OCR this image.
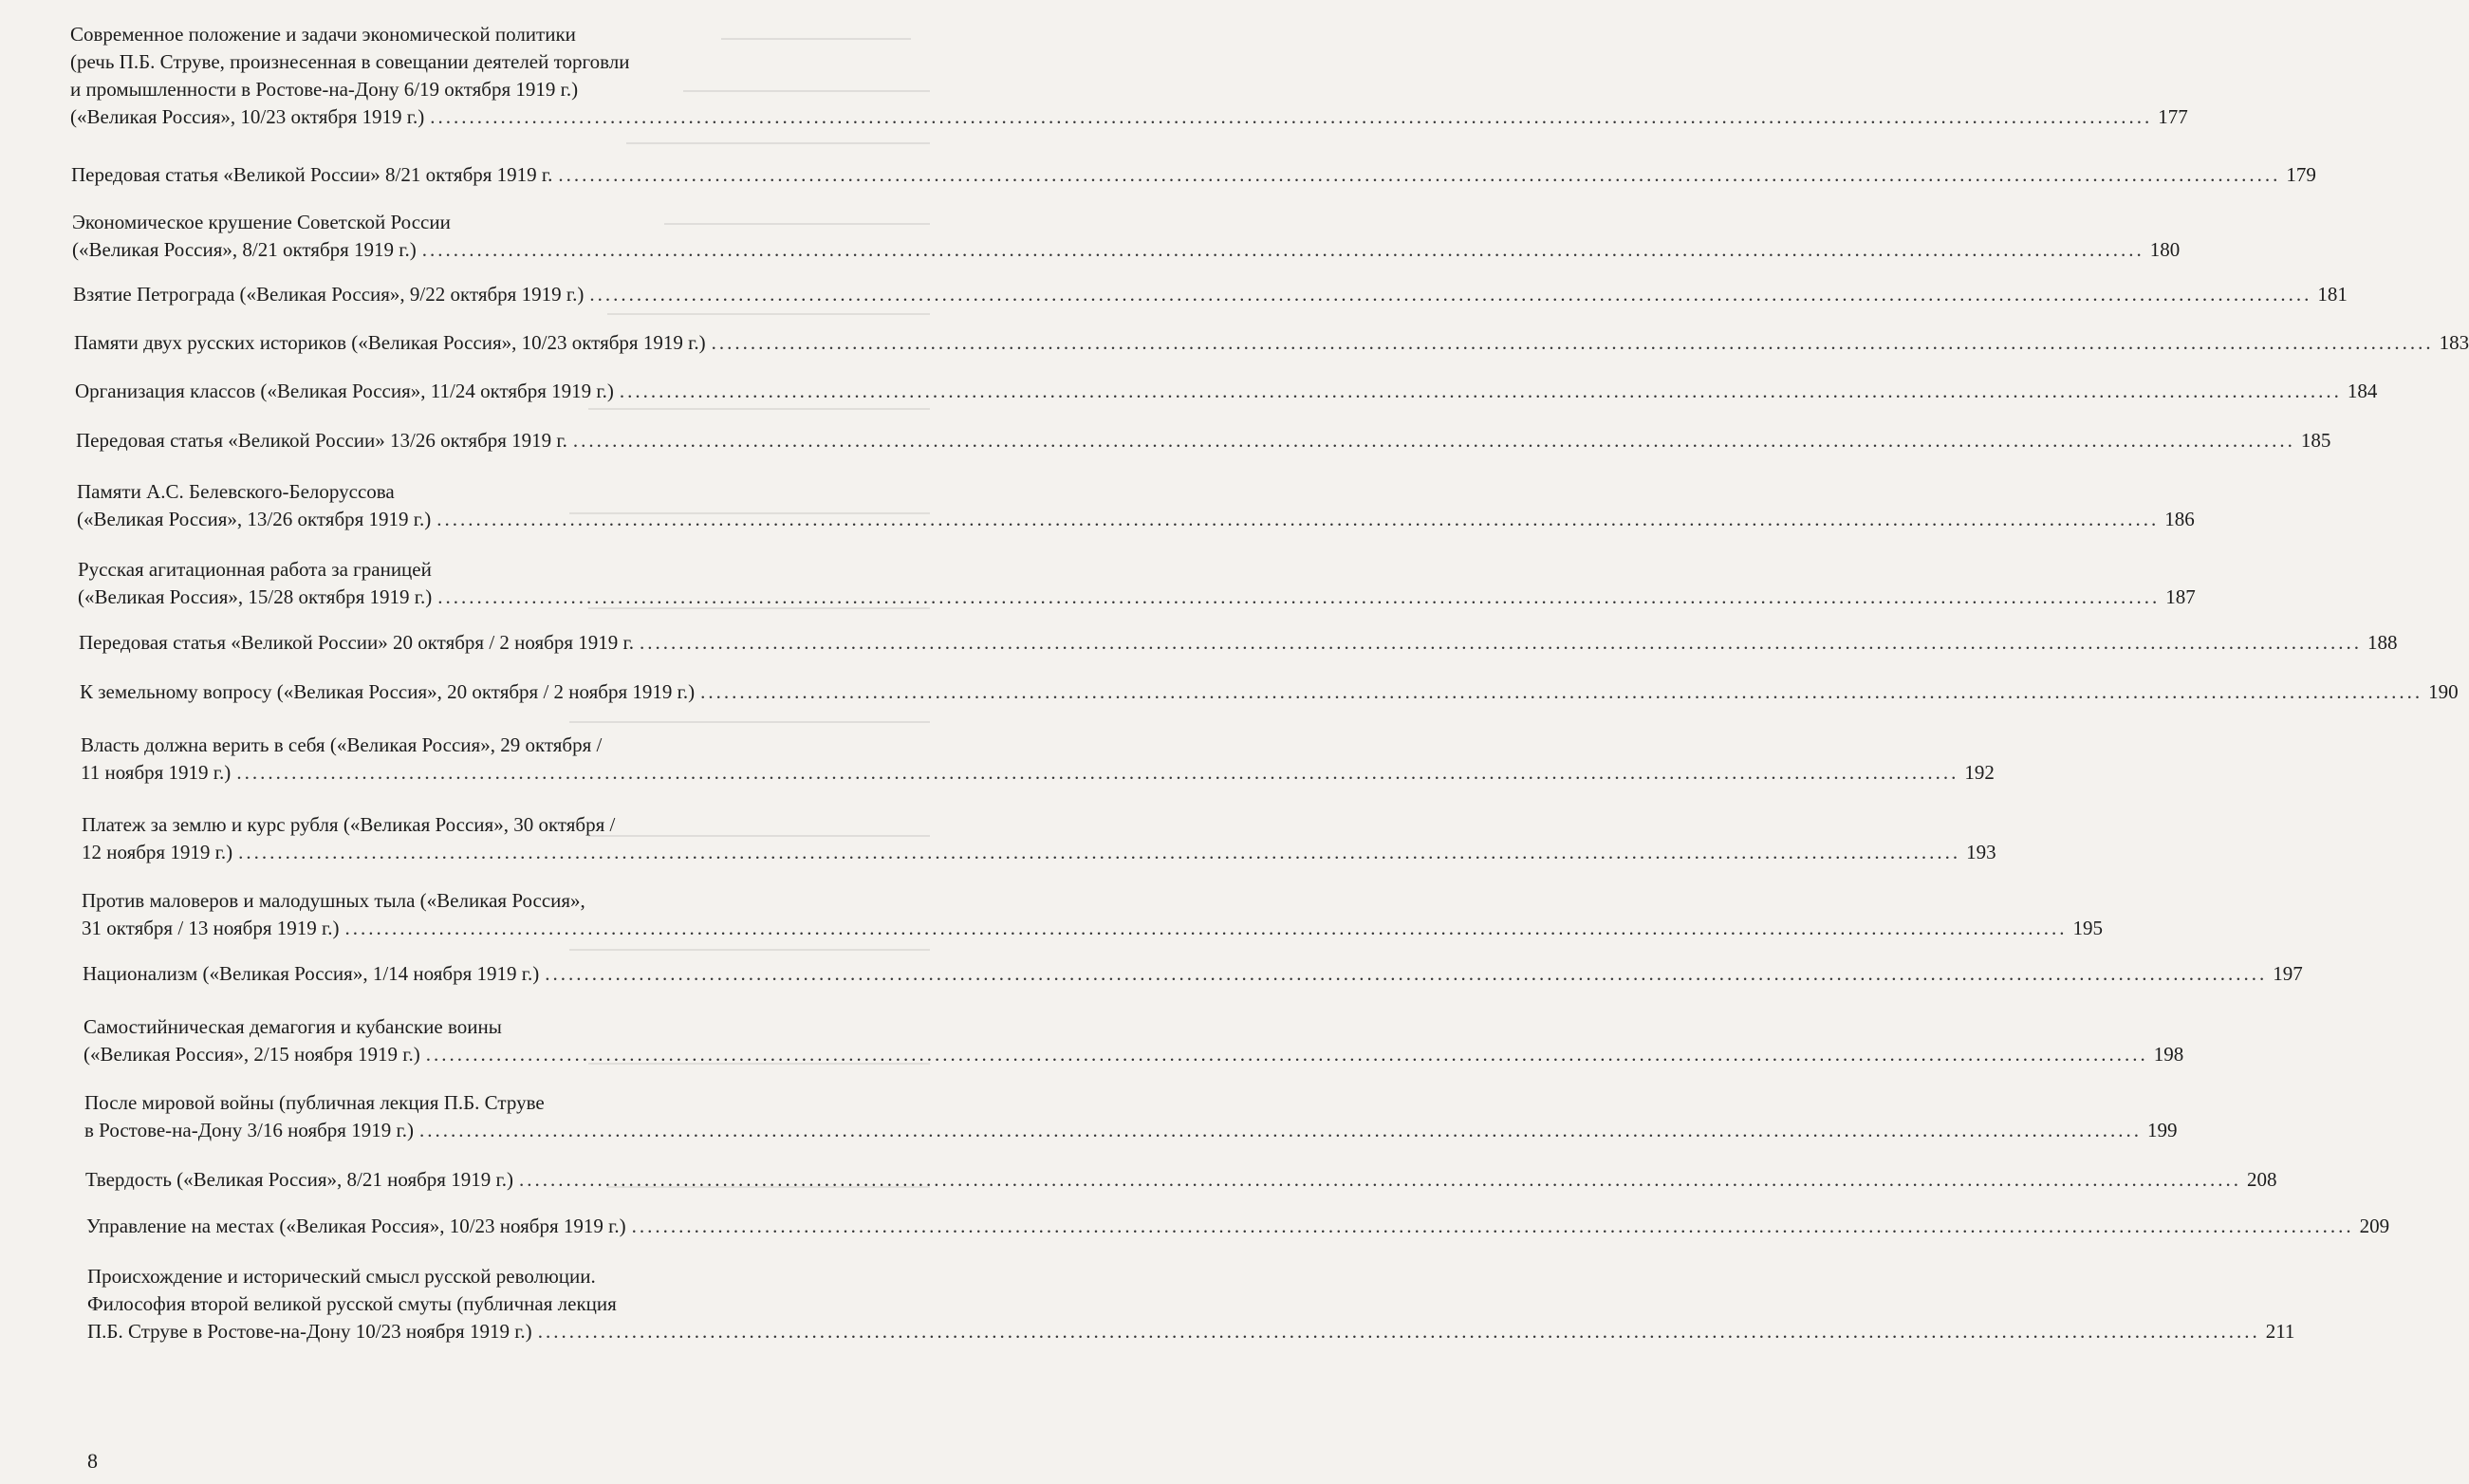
Современное положение и задачи экономической политики
(речь П.Б. Струве, произнесенная в совещании деятелей торговли
и промышленности в Ростове-на-Дону 6/19 октября 1919 г.)
(«Великая Россия», 10/23 октября 1919 г.) ............................................................................................................................................................................................................................ 177
Передовая статья «Великой России» 8/21 октября 1919 г. ............................................................................................................................................................................................................................ 179
Экономическое крушение Советской России
(«Великая Россия», 8/21 октября 1919 г.) ............................................................................................................................................................................................................................ 180
Взятие Петрограда («Великая Россия», 9/22 октября 1919 г.) ............................................................................................................................................................................................................................ 181
Памяти двух русских историков («Великая Россия», 10/23 октября 1919 г.) ............................................................................................................................................................................................................................ 183
Организация классов («Великая Россия», 11/24 октября 1919 г.) ............................................................................................................................................................................................................................ 184
Передовая статья «Великой России» 13/26 октября 1919 г. ............................................................................................................................................................................................................................ 185
Памяти А.С. Белевского-Белоруссова
(«Великая Россия», 13/26 октября 1919 г.) ............................................................................................................................................................................................................................ 186
Русская агитационная работа за границей
(«Великая Россия», 15/28 октября 1919 г.) ............................................................................................................................................................................................................................ 187
Передовая статья «Великой России» 20 октября / 2 ноября 1919 г. ............................................................................................................................................................................................................................ 188
К земельному вопросу («Великая Россия», 20 октября / 2 ноября 1919 г.) ............................................................................................................................................................................................................................ 190
Власть должна верить в себя («Великая Россия», 29 октября /
11 ноября 1919 г.) ............................................................................................................................................................................................................................ 192
Платеж за землю и курс рубля («Великая Россия», 30 октября /
12 ноября 1919 г.) ............................................................................................................................................................................................................................ 193
Против маловеров и малодушных тыла («Великая Россия»,
31 октября / 13 ноября 1919 г.) ............................................................................................................................................................................................................................ 195
Национализм («Великая Россия», 1/14 ноября 1919 г.) ............................................................................................................................................................................................................................ 197
Самостийническая демагогия и кубанские воины
(«Великая Россия», 2/15 ноября 1919 г.) ............................................................................................................................................................................................................................ 198
После мировой войны (публичная лекция П.Б. Струве
в Ростове-на-Дону 3/16 ноября 1919 г.) ............................................................................................................................................................................................................................ 199
Твердость («Великая Россия», 8/21 ноября 1919 г.) ............................................................................................................................................................................................................................ 208
Управление на местах («Великая Россия», 10/23 ноября 1919 г.) ............................................................................................................................................................................................................................ 209
Происхождение и исторический смысл русской революции.
Философия второй великой русской смуты (публичная лекция
П.Б. Струве в Ростове-на-Дону 10/23 ноября 1919 г.) ............................................................................................................................................................................................................................ 211
8
